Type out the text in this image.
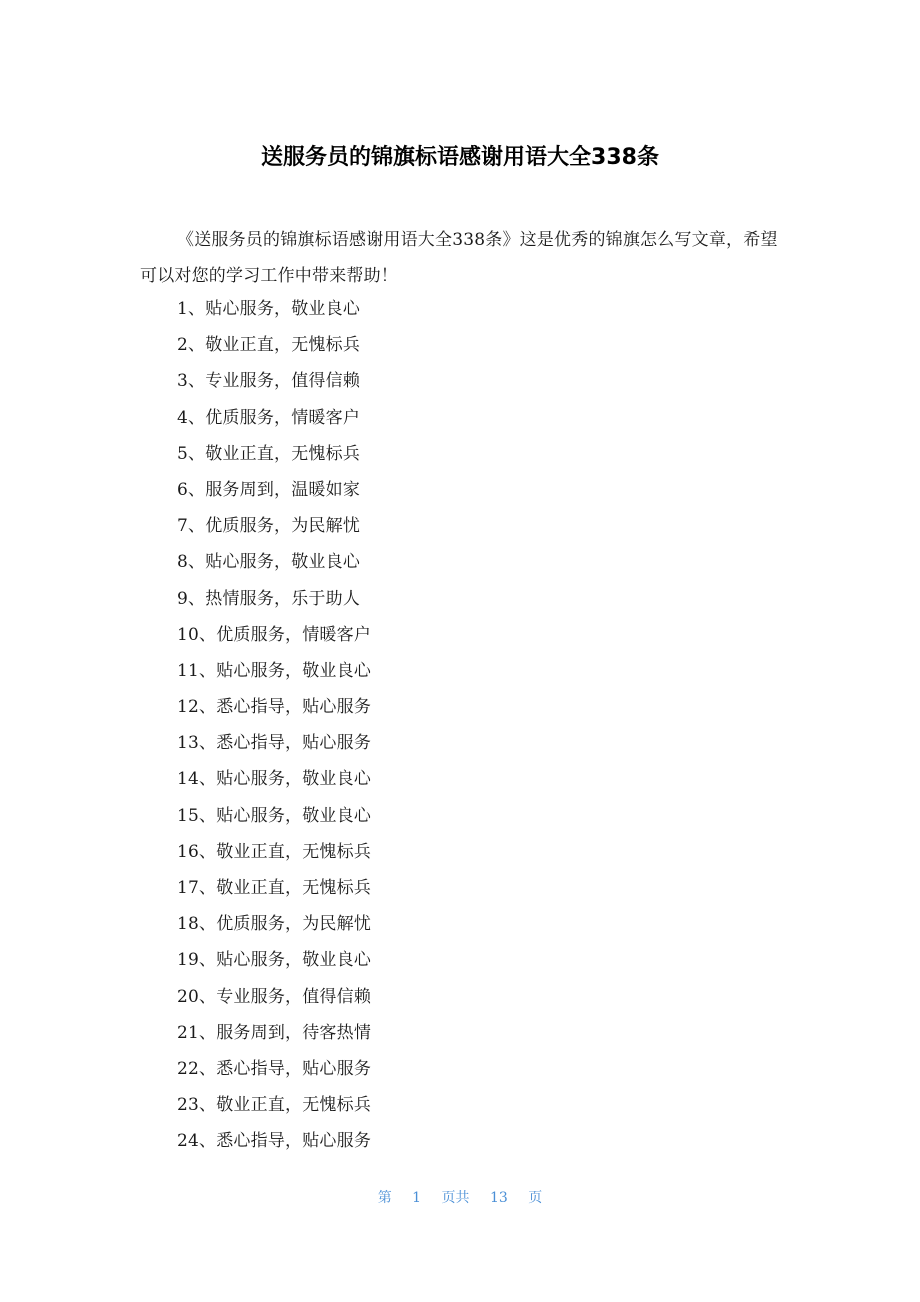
送服务员的锦旗标语感谢用语大全338条

《送服务员的锦旗标语感谢用语大全338条》这是优秀的锦旗怎么写文章，希望可以对您的学习工作中带来帮助！

1、贴心服务，敬业良心
2、敬业正直，无愧标兵
3、专业服务，值得信赖
4、优质服务，情暖客户
5、敬业正直，无愧标兵
6、服务周到，温暖如家
7、优质服务，为民解忧
8、贴心服务，敬业良心
9、热情服务，乐于助人
10、优质服务，情暖客户
11、贴心服务，敬业良心
12、悉心指导，贴心服务
13、悉心指导，贴心服务
14、贴心服务，敬业良心
15、贴心服务，敬业良心
16、敬业正直，无愧标兵
17、敬业正直，无愧标兵
18、优质服务，为民解忧
19、贴心服务，敬业良心
20、专业服务，值得信赖
21、服务周到，待客热情
22、悉心指导，贴心服务
23、敬业正直，无愧标兵
24、悉心指导，贴心服务
第 1 页共 13 页
